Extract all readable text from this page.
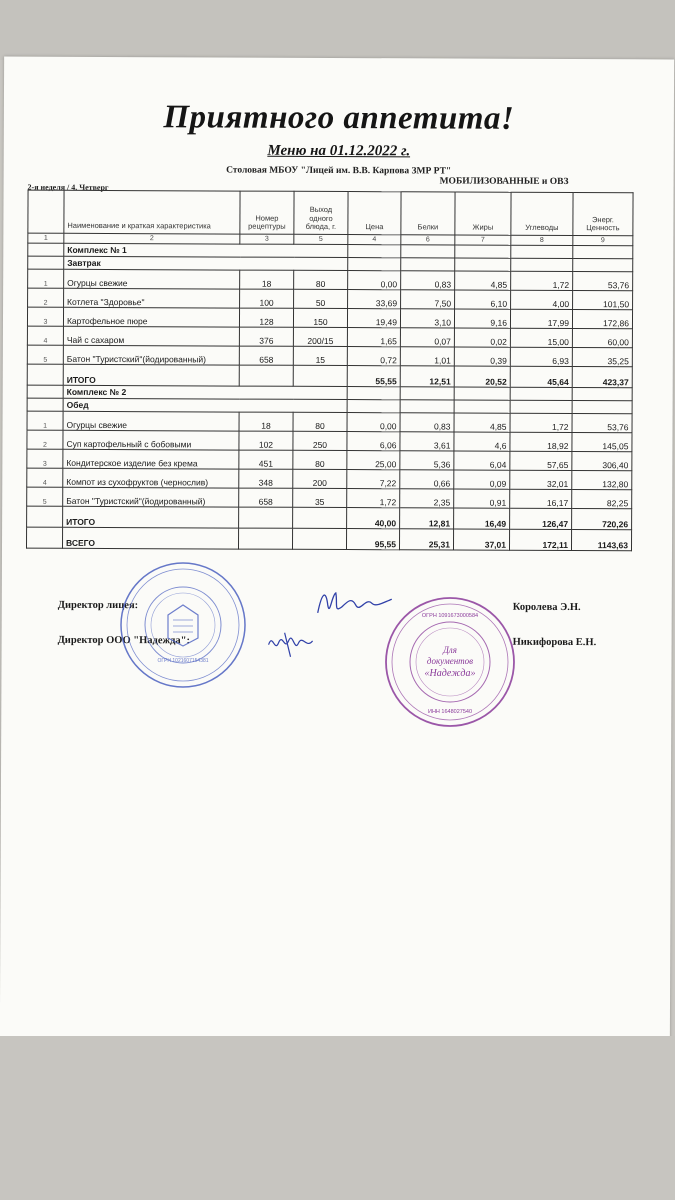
Приятного аппетита!
Меню на 01.12.2022 г.
Столовая МБОУ "Лицей им. В.В. Карпова ЗМР РТ"
2-я неделя / 4. Четверг
МОБИЛИЗОВАННЫЕ и ОВЗ
	Наименование и краткая характеристика	Номер рецептуры	Выход одного блюда, г.	Цена	Белки	Жиры	Углеводы	Энерг. Ценность
1	2	3	5	4	6	7	8	9
	Комплекс № 1							
	Завтрак							
1	Огурцы свежие	18	80	0,00	0,83	4,85	1,72	53,76
2	Котлета "Здоровье"	100	50	33,69	7,50	6,10	4,00	101,50
3	Картофельное пюре	128	150	19,49	3,10	9,16	17,99	172,86
4	Чай с сахаром	376	200/15	1,65	0,07	0,02	15,00	60,00
5	Батон "Туристский"(йодированный)	658	15	0,72	1,01	0,39	6,93	35,25
	ИТОГО			55,55	12,51	20,52	45,64	423,37
	Комплекс № 2							
	Обед							
1	Огурцы свежие	18	80	0,00	0,83	4,85	1,72	53,76
2	Суп картофельный с бобовыми	102	250	6,06	3,61	4,6	18,92	145,05
3	Кондитерское изделие без крема	451	80	25,00	5,36	6,04	57,65	306,40
4	Компот из сухофруктов (чернослив)	348	200	7,22	0,66	0,09	32,01	132,80
5	Батон "Туристский"(йодированный)	658	35	1,72	2,35	0,91	16,17	82,25
	ИТОГО			40,00	12,81	16,49	126,47	720,26
	ВСЕГО			95,55	25,31	37,01	172,11	1143,63
Директор лицея:	Королева Э.Н.
Директор ООО "Надежда":	Никифорова Е.Н.
ОГРН 1021607154381
Для
документов
«Надежда»
ОГРН 1091673000584
ИНН 1648027540
